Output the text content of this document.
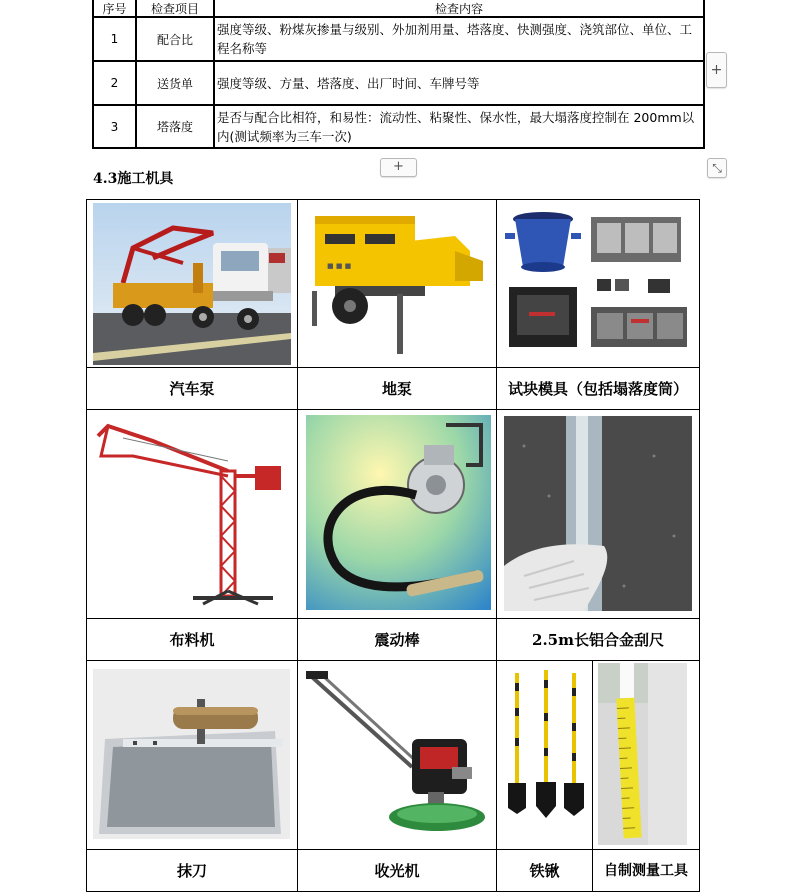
序号	检查项目	检查内容
1	配合比	强度等级、粉煤灰掺量与级别、外加剂用量、塔落度、快测强度、浇筑部位、单位、工程名称等
2	送货单	强度等级、方量、塔落度、出厂时间、车牌号等
3	塔落度	是否与配合比相符，和易性：流动性、粘聚性、保水性，最大塌落度控制在 200mm以内(测试频率为三车一次)
+
+	⤡
4.3施工机具
■ ■ ■
汽车泵	地泵	试块模具（包括塌落度筒）
布料机	震动棒	2.5m长铝合金刮尺
抹刀	收光机	铁锹	自制测量工具
